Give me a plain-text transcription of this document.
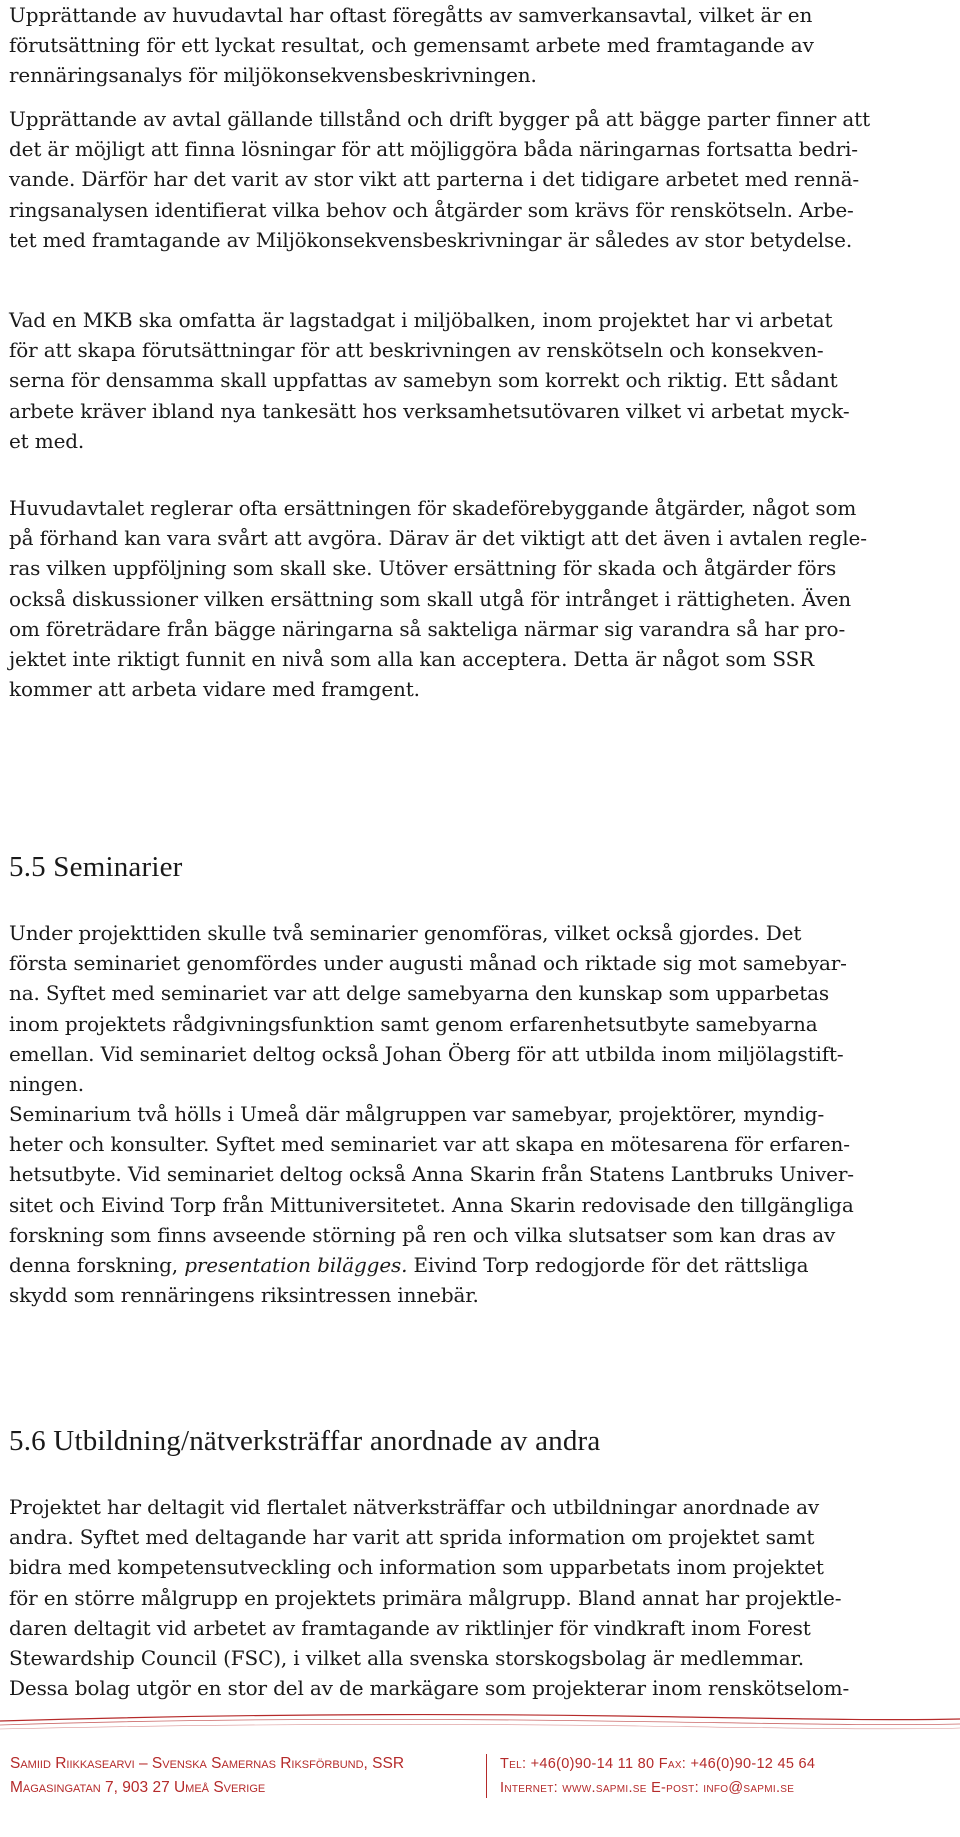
Upprättande av huvudavtal har oftast föregåtts av samverkansavtal, vilket är en
förutsättning för ett lyckat resultat, och gemensamt arbete med framtagande av
rennäringsanalys för miljökonsekvensbeskrivningen.

Upprättande av avtal gällande tillstånd och drift bygger på att bägge parter finner att
det är möjligt att finna lösningar för att möjliggöra båda näringarnas fortsatta bedri-
vande. Därför har det varit av stor vikt att parterna i det tidigare arbetet med rennä-
ringsanalysen identifierat vilka behov och åtgärder som krävs för renskötseln. Arbe-
tet med framtagande av Miljökonsekvensbeskrivningar är således av stor betydelse.

Vad en MKB ska omfatta är lagstadgat i miljöbalken, inom projektet har vi arbetat
för att skapa förutsättningar för att beskrivningen av renskötseln och konsekven-
serna för densamma skall uppfattas av samebyn som korrekt och riktig. Ett sådant
arbete kräver ibland nya tankesätt hos verksamhetsutövaren vilket vi arbetat myck-
et med.

Huvudavtalet reglerar ofta ersättningen för skadeförebyggande åtgärder, något som
på förhand kan vara svårt att avgöra. Därav är det viktigt att det även i avtalen regle-
ras vilken uppföljning som skall ske. Utöver ersättning för skada och åtgärder förs
också diskussioner vilken ersättning som skall utgå för intrånget i rättigheten. Även
om företrädare från bägge näringarna så sakteliga närmar sig varandra så har pro-
jektet inte riktigt funnit en nivå som alla kan acceptera. Detta är något som SSR
kommer att arbeta vidare med framgent.

5.5 Seminarier

Under projekttiden skulle två seminarier genomföras, vilket också gjordes. Det
första seminariet genomfördes under augusti månad och riktade sig mot samebyar-
na. Syftet med seminariet var att delge samebyarna den kunskap som upparbetas
inom projektets rådgivningsfunktion samt genom erfarenhetsutbyte samebyarna
emellan. Vid seminariet deltog också Johan Öberg för att utbilda inom miljölagstift-
ningen.

Seminarium två hölls i Umeå där målgruppen var samebyar, projektörer, myndig-
heter och konsulter. Syftet med seminariet var att skapa en mötesarena för erfaren-
hetsutbyte. Vid seminariet deltog också Anna Skarin från Statens Lantbruks Univer-
sitet och Eivind Torp från Mittuniversitetet. Anna Skarin redovisade den tillgängliga
forskning som finns avseende störning på ren och vilka slutsatser som kan dras av
denna forskning, presentation bilägges. Eivind Torp redogjorde för det rättsliga
skydd som rennäringens riksintressen innebär.

5.6 Utbildning/nätverksträffar anordnade av andra

Projektet har deltagit vid flertalet nätverksträffar och utbildningar anordnade av
andra. Syftet med deltagande har varit att sprida information om projektet samt
bidra med kompetensutveckling och information som upparbetats inom projektet
för en större målgrupp en projektets primära målgrupp. Bland annat har projektle-
daren deltagit vid arbetet av framtagande av riktlinjer för vindkraft inom Forest
Stewardship Council (FSC), i vilket alla svenska storskogsbolag är medlemmar.
Dessa bolag utgör en stor del av de markägare som projekterar inom renskötselom-

Samiid Riikkasearvi – Svenska Samernas Riksförbund, SSR
Magasingatan 7, 903 27 Umeå Sverige
Tel: +46(0)90-14 11 80 Fax: +46(0)90-12 45 64
Internet: www.sapmi.se E-post: info@sapmi.se
